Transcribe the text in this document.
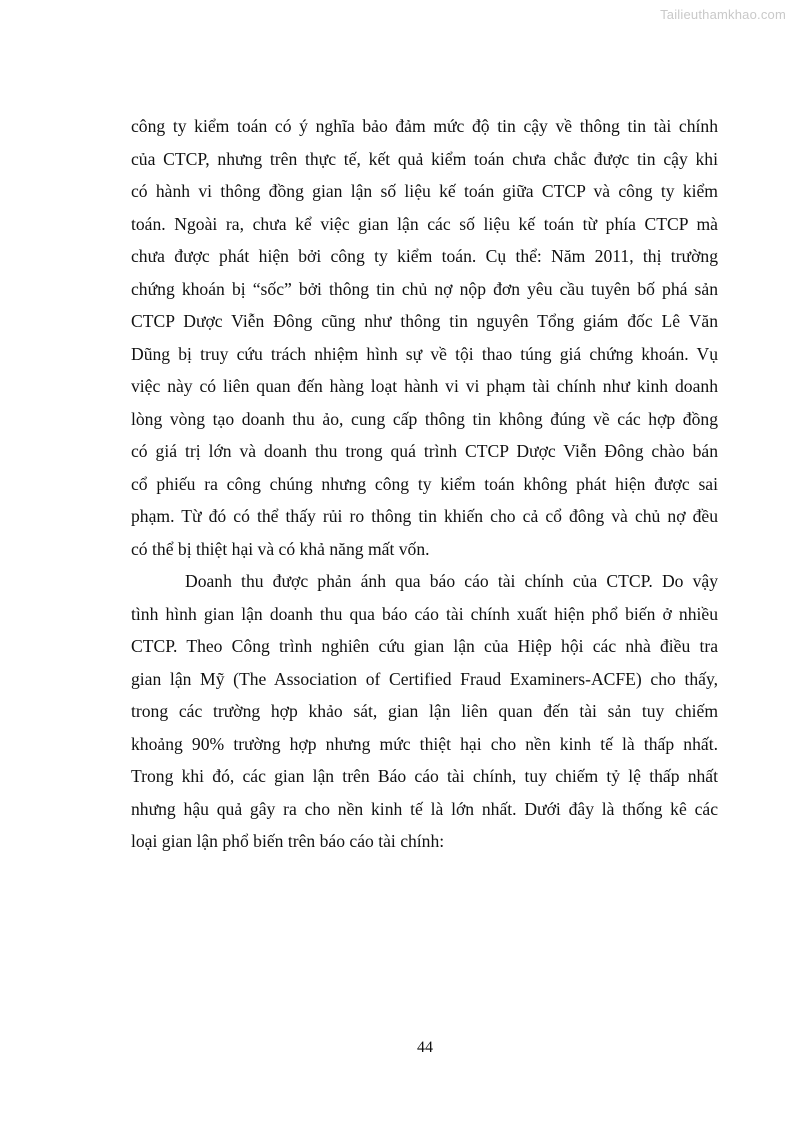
Tailieuthamkhao.com
công ty kiểm toán có ý nghĩa bảo đảm mức độ tin cậy về thông tin tài chính
của CTCP, nhưng trên thực tế, kết quả kiểm toán chưa chắc được tin cậy khi
có hành vi thông đồng gian lận số liệu kế toán giữa CTCP và công ty kiểm
toán. Ngoài ra, chưa kể việc gian lận các số liệu kế toán từ phía CTCP mà
chưa được phát hiện bởi công ty kiểm toán. Cụ thể: Năm 2011, thị trường
chứng khoán bị “sốc” bởi thông tin chủ nợ nộp đơn yêu cầu tuyên bố phá sản
CTCP Dược Viễn Đông cũng như thông tin nguyên Tổng giám đốc Lê Văn
Dũng bị truy cứu trách nhiệm hình sự về tội thao túng giá chứng khoán. Vụ
việc này có liên quan đến hàng loạt hành vi vi phạm tài chính như kinh doanh
lòng vòng tạo doanh thu ảo, cung cấp thông tin không đúng về các hợp đồng
có giá trị lớn và doanh thu trong quá trình CTCP Dược Viễn Đông chào bán
cổ phiếu ra công chúng nhưng công ty kiểm toán không phát hiện được sai
phạm. Từ đó có thể thấy rủi ro thông tin khiến cho cả cổ đông và chủ nợ đều
có thể bị thiệt hại và có khả năng mất vốn.
Doanh thu được phản ánh qua báo cáo tài chính của CTCP. Do vậy
tình hình gian lận doanh thu qua báo cáo tài chính xuất hiện phổ biến ở nhiều
CTCP. Theo Công trình nghiên cứu gian lận của Hiệp hội các nhà điều tra
gian lận Mỹ (The Association of Certified Fraud Examiners-ACFE) cho thấy,
trong các trường hợp khảo sát, gian lận liên quan đến tài sản tuy chiếm
khoảng 90% trường hợp nhưng mức thiệt hại cho nền kinh tế là thấp nhất.
Trong khi đó, các gian lận trên Báo cáo tài chính, tuy chiếm tỷ lệ thấp nhất
nhưng hậu quả gây ra cho nền kinh tế là lớn nhất. Dưới đây là thống kê các
loại gian lận phổ biến trên báo cáo tài chính:
44
